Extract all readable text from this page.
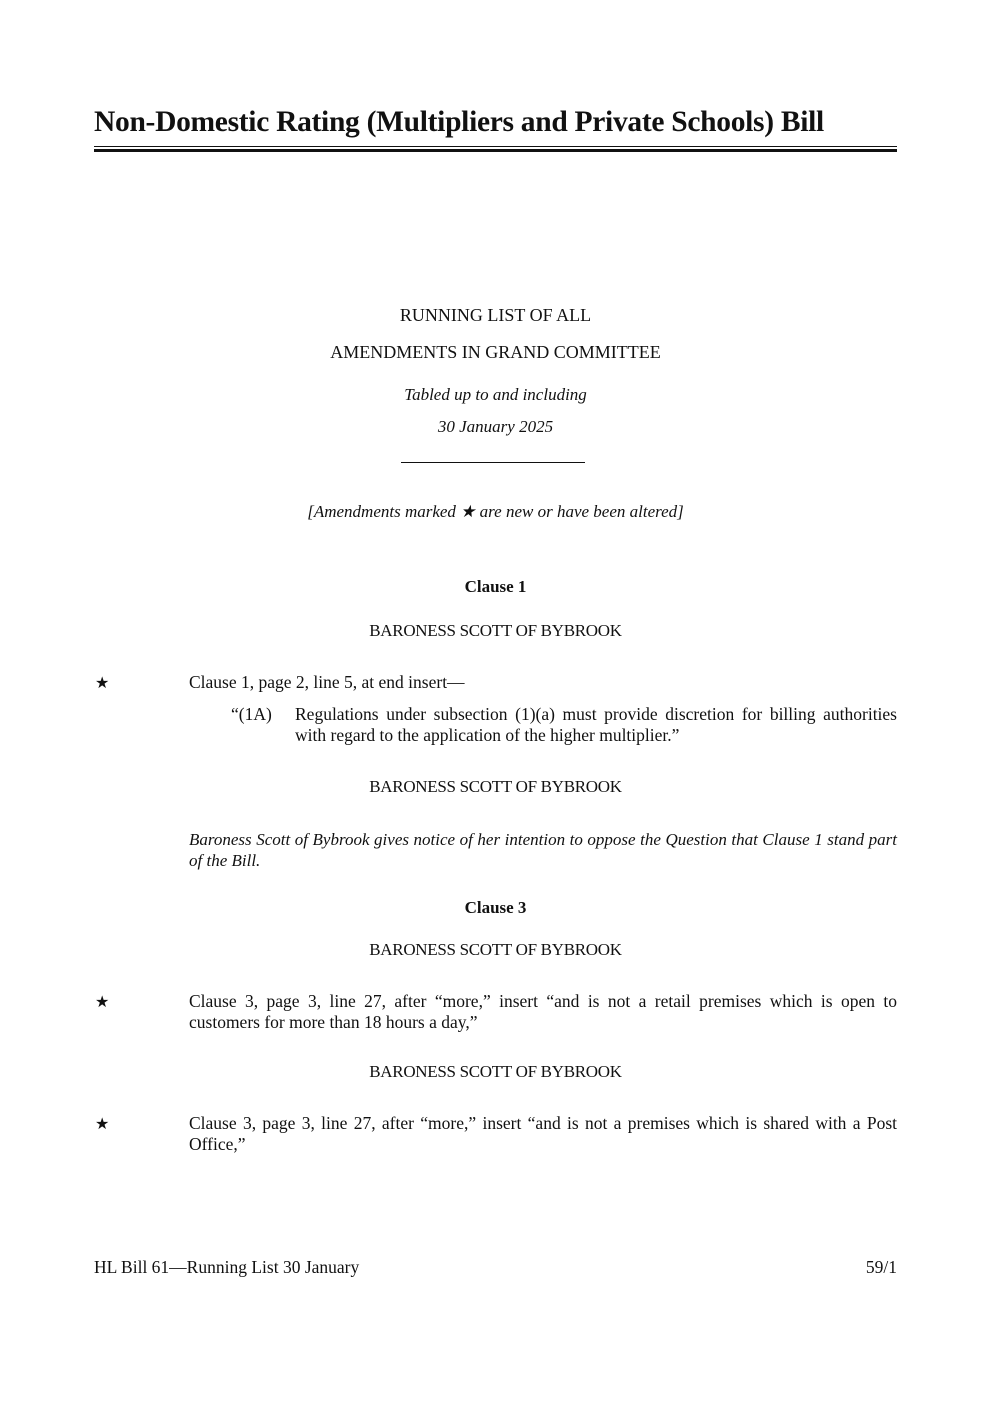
Non-Domestic Rating (Multipliers and Private Schools) Bill
RUNNING LIST OF ALL
AMENDMENTS IN GRAND COMMITTEE
Tabled up to and including
30 January 2025
[Amendments marked ★ are new or have been altered]
Clause 1
BARONESS SCOTT OF BYBROOK
★	Clause 1, page 2, line 5, at end insert—
“(1A) Regulations under subsection (1)(a) must provide discretion for billing authorities with regard to the application of the higher multiplier.”
BARONESS SCOTT OF BYBROOK
Baroness Scott of Bybrook gives notice of her intention to oppose the Question that Clause 1 stand part of the Bill.
Clause 3
BARONESS SCOTT OF BYBROOK
★	Clause 3, page 3, line 27, after “more,” insert “and is not a retail premises which is open to customers for more than 18 hours a day,”
BARONESS SCOTT OF BYBROOK
★	Clause 3, page 3, line 27, after “more,” insert “and is not a premises which is shared with a Post Office,”
HL Bill 61—Running List 30 January	59/1
